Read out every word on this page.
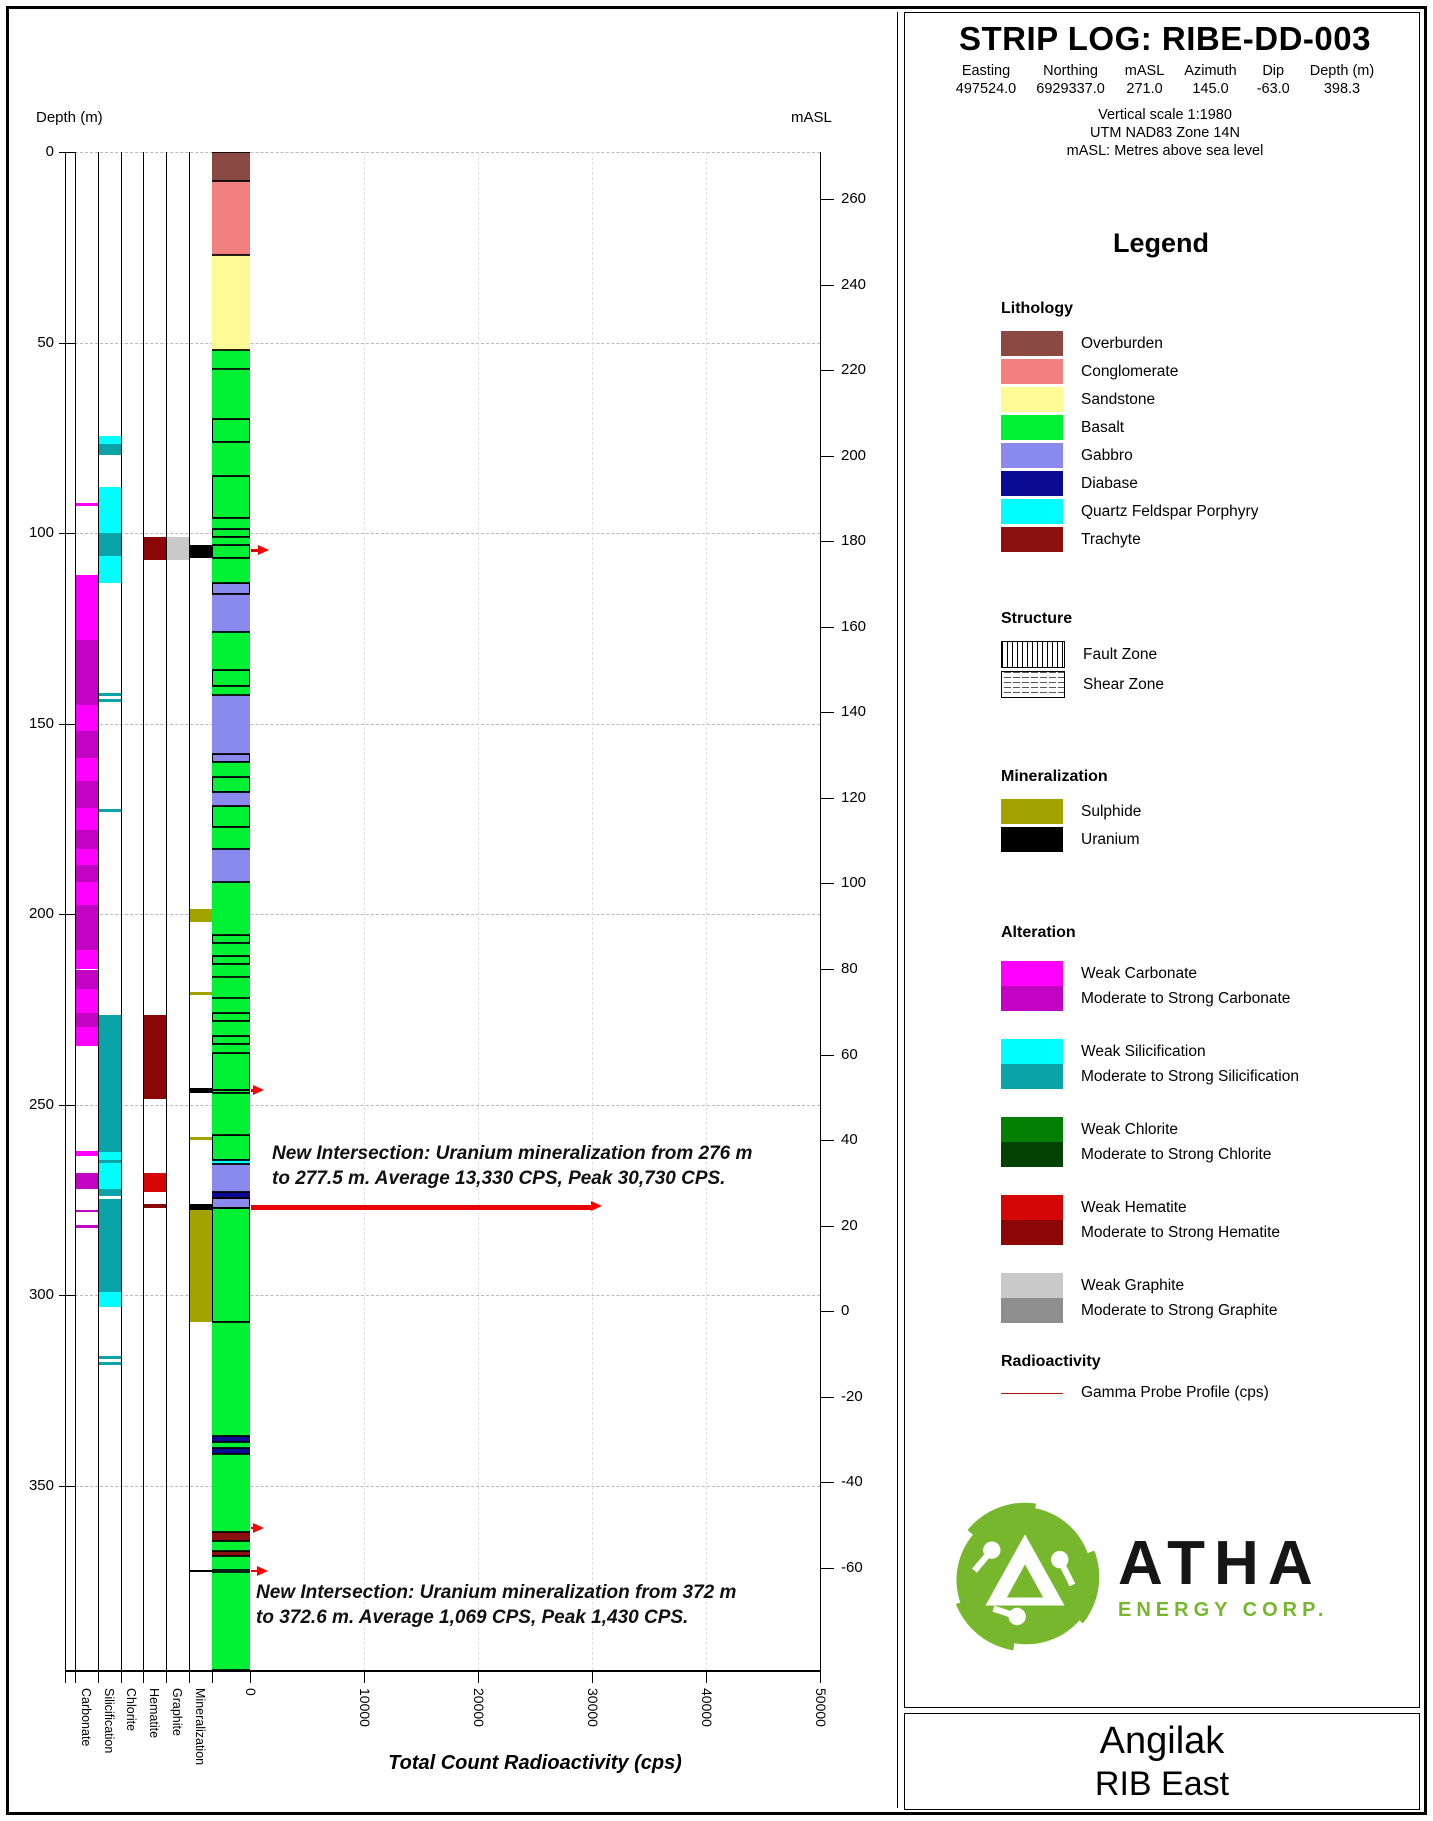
Depth (m)	mASL
Total Count Radioactivity (cps)
0	10000	20000	30000	40000	50000
Carbonate Silicification Chlorite Hematite Graphite Mineralization
0
50
100
150
200
250
300
350
260
240
220
200
180
160
140
120
100
80
60
40
20
0
-20
-40
-60
New Intersection: Uranium mineralization from 276 m
to 277.5 m. Average 13,330 CPS, Peak 30,730 CPS.
New Intersection: Uranium mineralization from 372 m
to 372.6 m. Average 1,069 CPS, Peak 1,430 CPS.
STRIP LOG: RIBE-DD-003
Easting
497524.0
Northing
6929337.0
mASL
271.0
Azimuth
145.0
Dip
-63.0
Depth (m)
398.3
Vertical scale 1:1980
UTM NAD83 Zone 14N
mASL: Metres above sea level
Legend
Lithology
Overburden
Conglomerate
Sandstone
Basalt
Gabbro
Diabase
Quartz Feldspar Porphyry
Trachyte
Structure
Fault Zone
Shear Zone
Mineralization
Sulphide
Uranium
Alteration
Weak Carbonate
Moderate to Strong Carbonate
Weak Silicification
Moderate to Strong Silicification
Weak Chlorite
Moderate to Strong Chlorite
Weak Hematite
Moderate to Strong Hematite
Weak Graphite
Moderate to Strong Graphite
Radioactivity
Gamma Probe Profile (cps)
ATHA
ENERGY CORP.
Angilak
RIB East
